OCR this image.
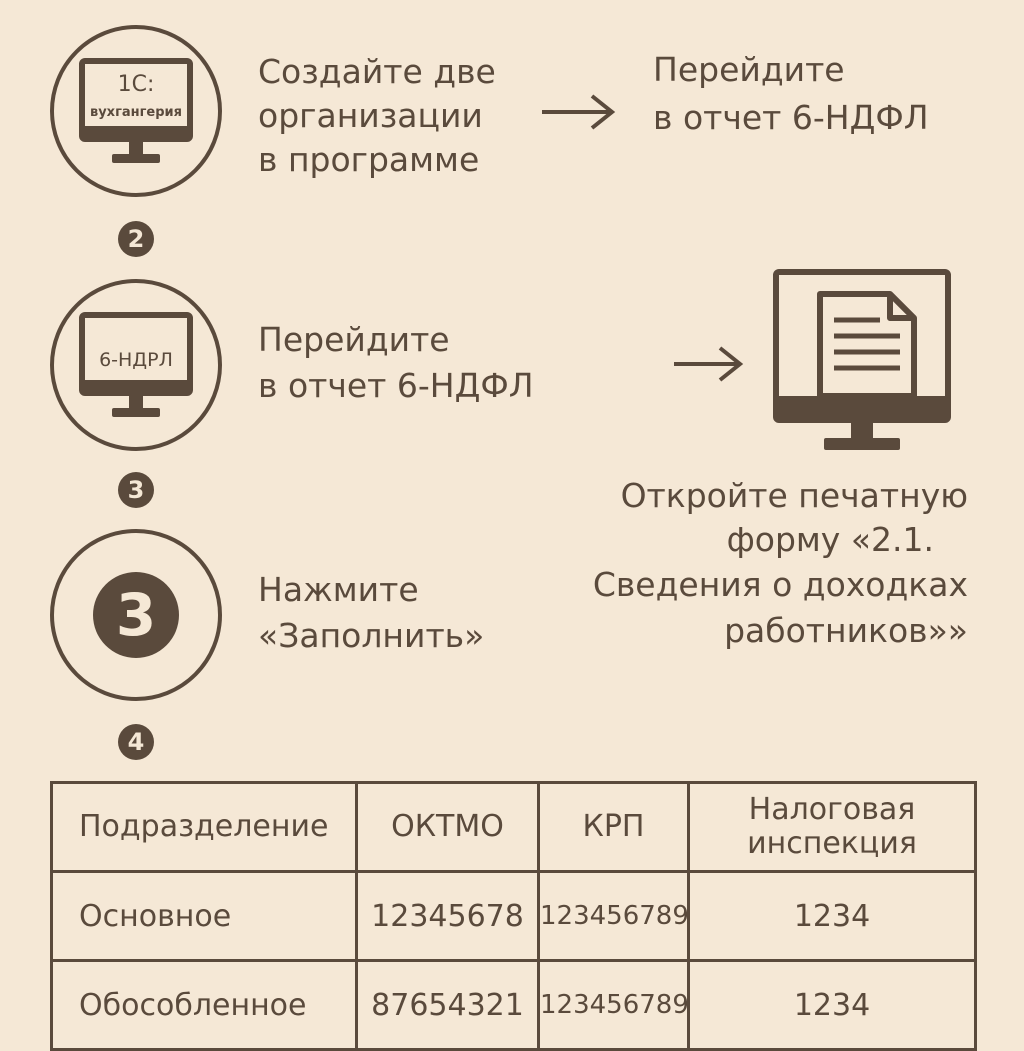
1С:
вухгангерия
Создайте две
организации
в программе
Перейдите
в отчет 6-НДФЛ
2
6-НДРЛ
Перейдите
в отчет 6-НДФЛ
3	Откройте печатную
форму «2.1.
Сведения о доходках
работников»»
3	Нажмите
«Заполнить»
4
Подразделение	ОКТМО	КРП	Налоговая
инспекция

Основное	12345678	123456789	1234
Обособленное	87654321	123456789	1234
